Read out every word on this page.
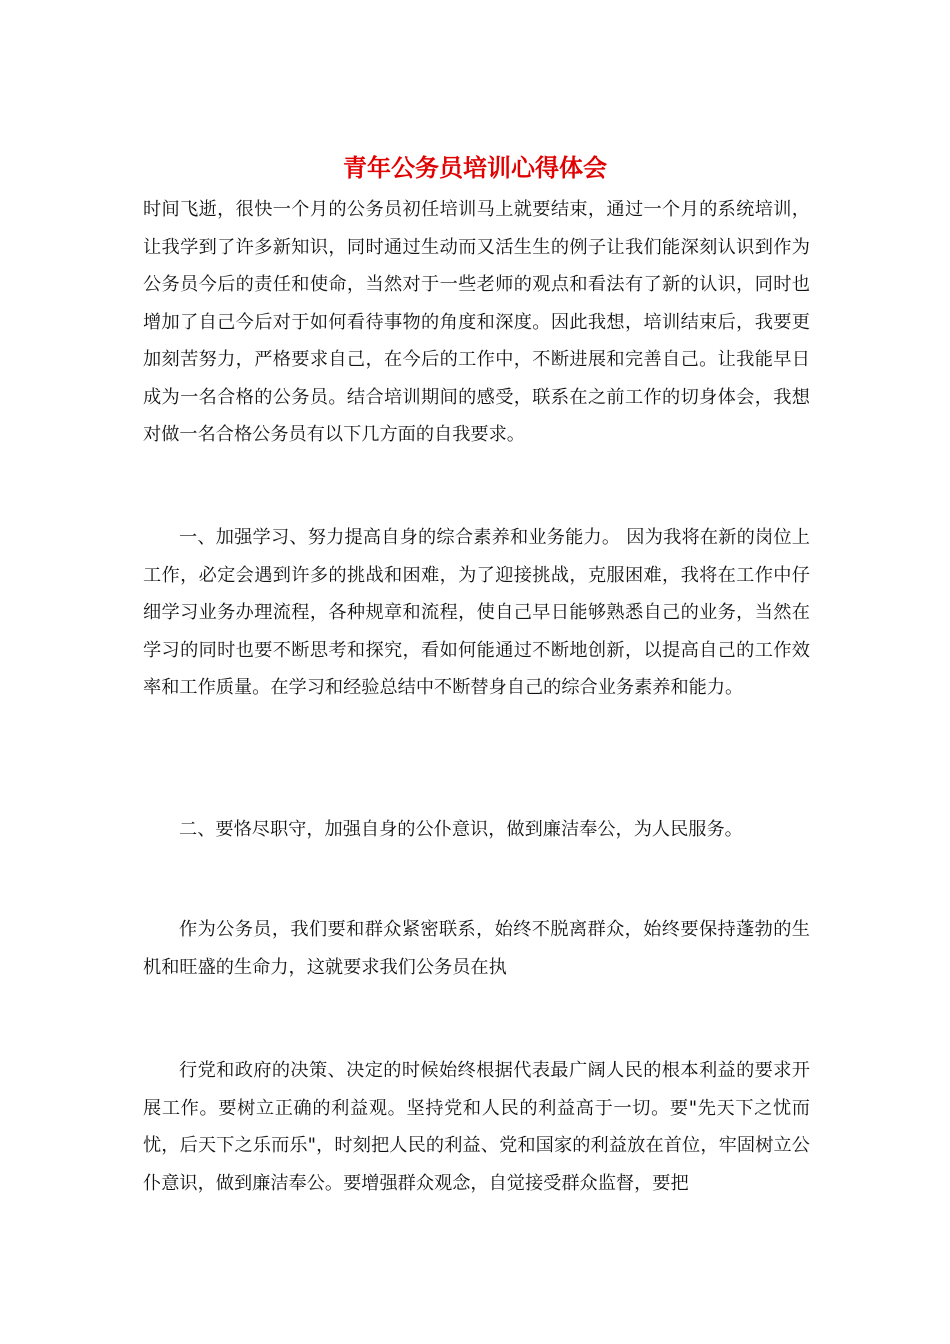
青年公务员培训心得体会

时间飞逝，很快一个月的公务员初任培训马上就要结束，通过一个月的系统培训，让我学到了许多新知识，同时通过生动而又活生生的例子让我们能深刻认识到作为公务员今后的责任和使命，当然对于一些老师的观点和看法有了新的认识，同时也增加了自己今后对于如何看待事物的角度和深度。因此我想，培训结束后，我要更加刻苦努力，严格要求自己，在今后的工作中，不断进展和完善自己。让我能早日成为一名合格的公务员。结合培训期间的感受，联系在之前工作的切身体会，我想对做一名合格公务员有以下几方面的自我要求。

一、加强学习、努力提高自身的综合素养和业务能力。 因为我将在新的岗位上工作，必定会遇到许多的挑战和困难，为了迎接挑战，克服困难，我将在工作中仔细学习业务办理流程，各种规章和流程，使自己早日能够熟悉自己的业务，当然在学习的同时也要不断思考和探究，看如何能通过不断地创新，以提高自己的工作效率和工作质量。在学习和经验总结中不断替身自己的综合业务素养和能力。

二、要恪尽职守，加强自身的公仆意识，做到廉洁奉公，为人民服务。

作为公务员，我们要和群众紧密联系，始终不脱离群众，始终要保持蓬勃的生机和旺盛的生命力，这就要求我们公务员在执

行党和政府的决策、决定的时候始终根据代表最广阔人民的根本利益的要求开展工作。要树立正确的利益观。坚持党和人民的利益高于一切。要"先天下之忧而忧，后天下之乐而乐"，时刻把人民的利益、党和国家的利益放在首位，牢固树立公仆意识，做到廉洁奉公。要增强群众观念，自觉接受群众监督，要把
